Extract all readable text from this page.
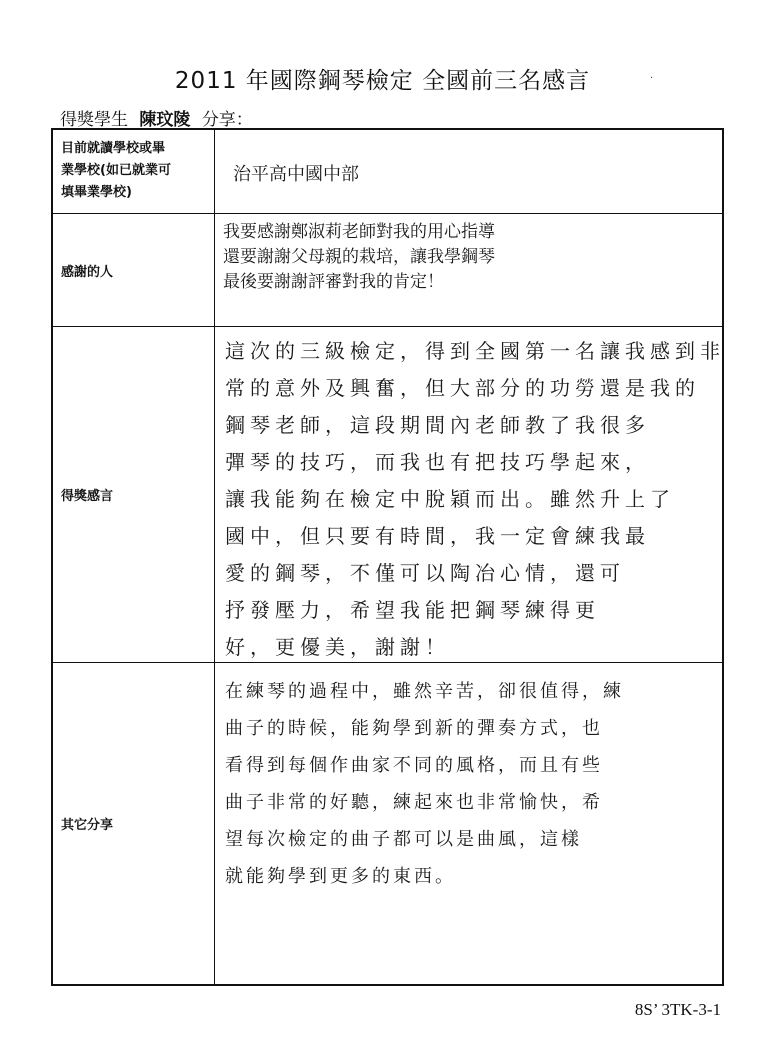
2011 年國際鋼琴檢定 全國前三名感言	·
得獎學生 陳玟陵 分享：
目前就讀學校或畢
業學校(如已就業可
填畢業學校)
治平高中國中部
感謝的人
我要感謝鄭淑莉老師對我的用心指導
還要謝謝父母親的栽培，讓我學鋼琴
最後要謝謝評審對我的肯定！
得獎感言
這次的三級檢定，得到全國第一名讓我感到非
常的意外及興奮，但大部分的功勞還是我的
鋼琴老師，這段期間內老師教了我很多
彈琴的技巧，而我也有把技巧學起來，
讓我能夠在檢定中脫穎而出。雖然升上了
國中，但只要有時間，我一定會練我最
愛的鋼琴，不僅可以陶冶心情，還可
抒發壓力，希望我能把鋼琴練得更
好，更優美，謝謝！
其它分享
在練琴的過程中，雖然辛苦，卻很值得，練
曲子的時候，能夠學到新的彈奏方式，也
看得到每個作曲家不同的風格，而且有些
曲子非常的好聽，練起來也非常愉快，希
望每次檢定的曲子都可以是曲風，這樣
就能夠學到更多的東西。
8S’ 3TK-3-1
